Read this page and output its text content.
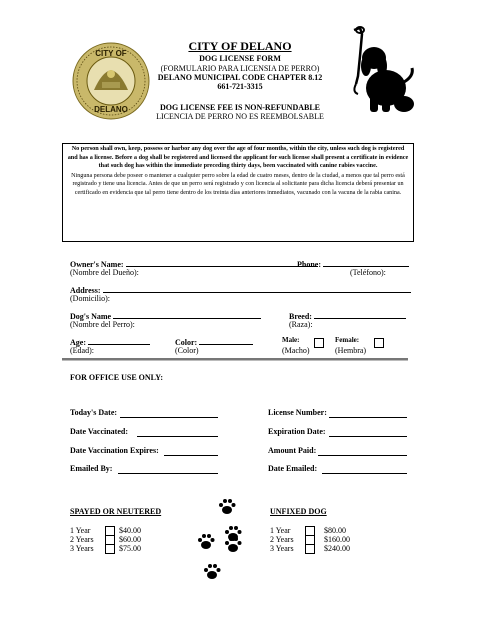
CITY OF
DELANO
CITY OF DELANO
DOG LICENSE FORM
(FORMULARIO PARA LICENSIA DE PERRO)
DELANO MUNICIPAL CODE CHAPTER 8.12
661-721-3315
DOG LICENSE FEE IS NON-REFUNDABLE
LICENCIA DE PERRO NO ES REEMBOLSABLE
No person shall own, keep, possess or harbor any dog over the age of four months, within the city, unless such dog is registered and has a license. Before a dog shall be registered and licensed the applicant for such license shall present a certificate in evidence that such dog has within the immediate preceding thirty days, been vaccinated with canine rabies vaccine.
Ninguna persona debe poseer o mantener a cualquier perro sobre la edad de cuatro meses, dentro de la ciudad, a menos que tal perro está registrado y tiene una licencia. Antes de que un perro será registrado y con licencia al solicitante para dicha licencia deberá presentar un certificado en evidencia que tal perro tiene dentro de los treinta días anteriores inmediatos, vacunado con la vacuna de la rabia canina.
Owner's Name:
(Nombre del Dueño):
Phone:
(Teléfono):
Address:
(Domicilio):
Dog's Name
(Nombre del Perro):
Breed:
(Raza):
Age:
(Edad):
Color:
(Color)
Male:
(Macho)
Female:
(Hembra)
FOR OFFICE USE ONLY:
Today's Date:	License Number:
Date Vaccinated:	Expiration Date:
Date Vaccination Expires:	Amount Paid:
Emailed By:	Date Emailed:
SPAYED OR NEUTERED	UNFIXED DOG
1 Year	$40.00
2 Years	$60.00
3 Years	$75.00
1 Year	$80.00
2 Years	$160.00
3 Years	$240.00
